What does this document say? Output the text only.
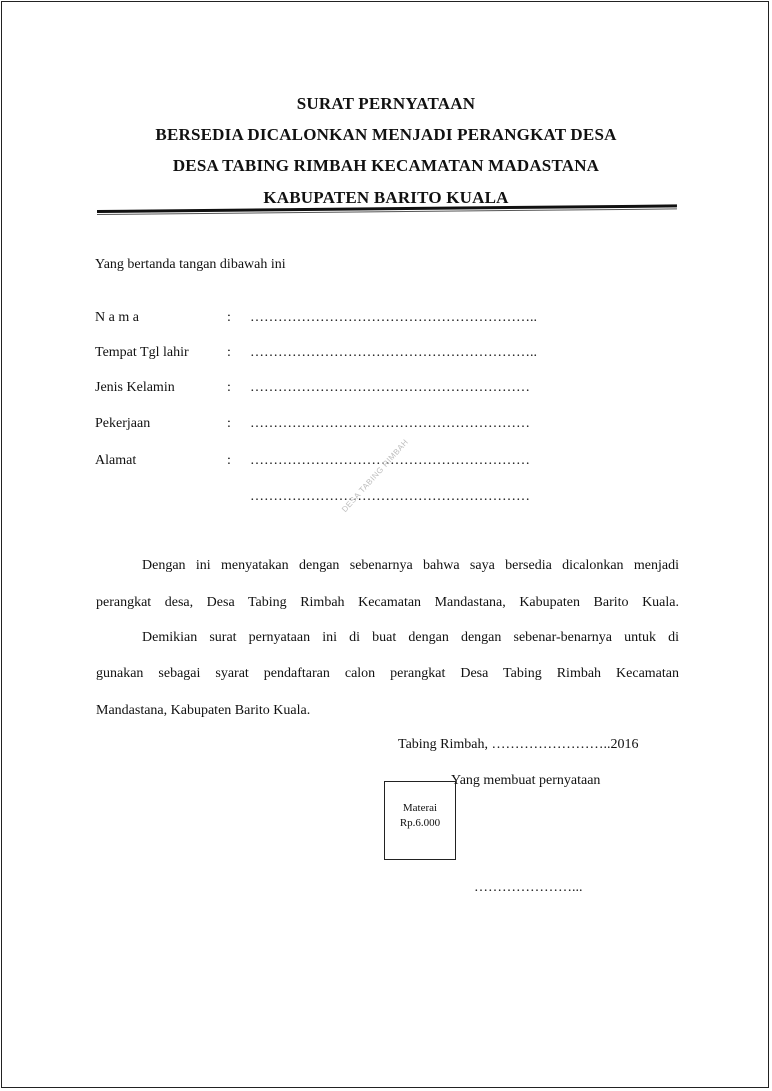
SURAT PERNYATAAN
BERSEDIA DICALONKAN MENJADI PERANGKAT DESA
DESA TABING RIMBAH KECAMATAN MADASTANA
KABUPATEN BARITO KUALA
Yang bertanda tangan dibawah ini
N a m a	: ……………………………………………………..
Tempat Tgl lahir	: ……………………………………………………..
Jenis Kelamin	: ……………………………………………………
Pekerjaan	: ……………………………………………………
Alamat	: ……………………………………………………
……………………………………………………
DESA TABING RIMBAH
Dengan ini menyatakan dengan sebenarnya bahwa saya bersedia dicalonkan menjadi
perangkat desa, Desa Tabing Rimbah Kecamatan Mandastana, Kabupaten Barito Kuala.
Demikian surat pernyataan ini di buat dengan dengan sebenar-benarnya untuk di
gunakan sebagai syarat pendaftaran calon perangkat Desa Tabing Rimbah Kecamatan
Mandastana, Kabupaten Barito Kuala.
Tabing Rimbah, ……………………..2016
Yang membuat pernyataan
Materai
Rp.6.000
…………………...
